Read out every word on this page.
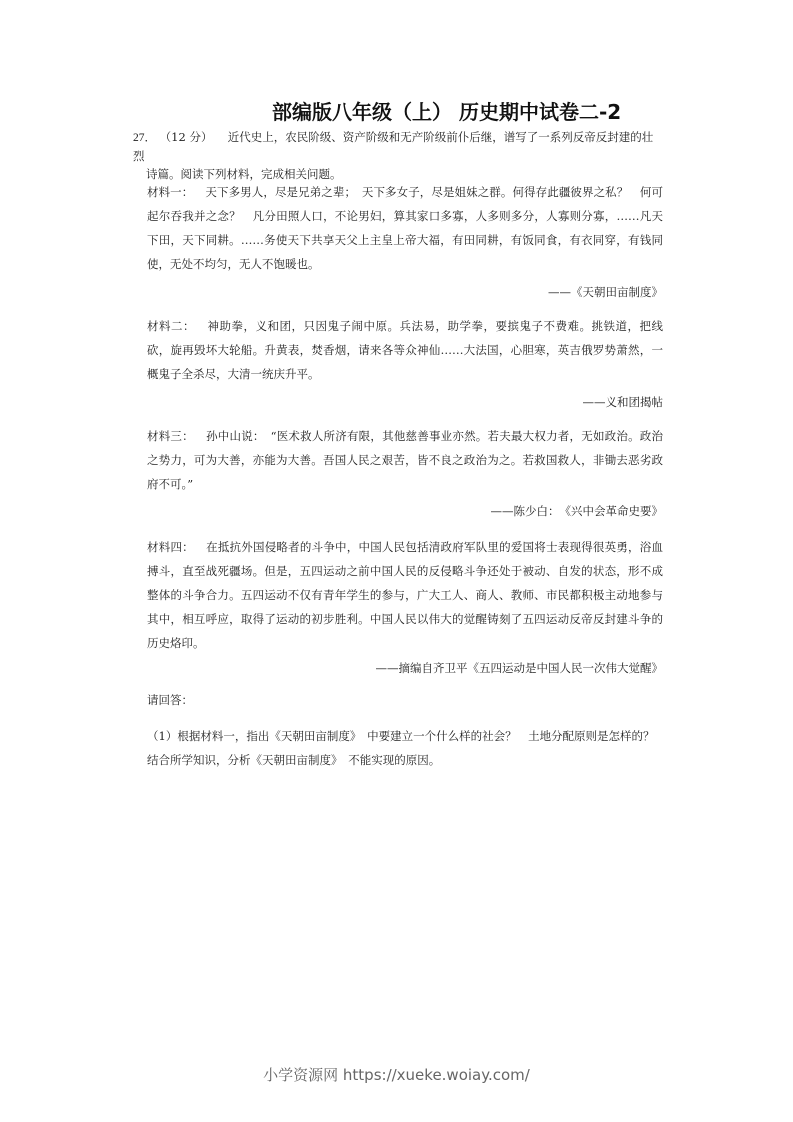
部编版八年级（上） 历史期中试卷二-2
27． （12 分） 近代史上，农民阶级、资产阶级和无产阶级前仆后继，谱写了一系列反帝反封建的壮烈
诗篇。阅读下列材料，完成相关问题。
材料一： 天下多男人，尽是兄弟之辈；　天下多女子，尽是姐妹之群。何得存此疆彼界之私？　何可起尔吞我并之念？　凡分田照人口，不论男妇，算其家口多寡，人多则多分，人寡则分寡，……凡天下田，天下同耕。……务使天下共享天父上主皇上帝大福，有田同耕，有饭同食，有衣同穿，有钱同使，无处不均匀，无人不饱暖也。
——《天朝田亩制度》
材料二： 神助拳，义和团，只因鬼子闹中原。兵法易，助学拳，要摈鬼子不费难。挑铁道，把线砍，旋再毁坏大轮船。升黄表，焚香烟，请来各等众神仙……大法国，心胆寒，英吉俄罗势萧然，一概鬼子全杀尽，大清一统庆升平。
——义和团揭帖
材料三： 孙中山说：　“医术救人所济有限，其他慈善事业亦然。若夫最大权力者，无如政治。政治之势力，可为大善，亦能为大善。吾国人民之艰苦，皆不良之政治为之。若救国救人，非锄去恶劣政府不可。”
——陈少白：　《兴中会革命史要》
材料四： 在抵抗外国侵略者的斗争中，中国人民包括清政府军队里的爱国将士表现得很英勇，浴血搏斗，直至战死疆场。但是，五四运动之前中国人民的反侵略斗争还处于被动、自发的状态，形不成整体的斗争合力。五四运动不仅有青年学生的参与，广大工人、商人、教师、市民都积极主动地参与其中，相互呼应，取得了运动的初步胜利。中国人民以伟大的觉醒铸刻了五四运动反帝反封建斗争的历史烙印。
——摘编自齐卫平《五四运动是中国人民一次伟大觉醒》
请回答：
（1）根据材料一，指出《天朝田亩制度》　中要建立一个什么样的社会？　土地分配原则是怎样的？
结合所学知识，分析《天朝田亩制度》　不能实现的原因。
小学资源网 https://xueke.woiay.com/
